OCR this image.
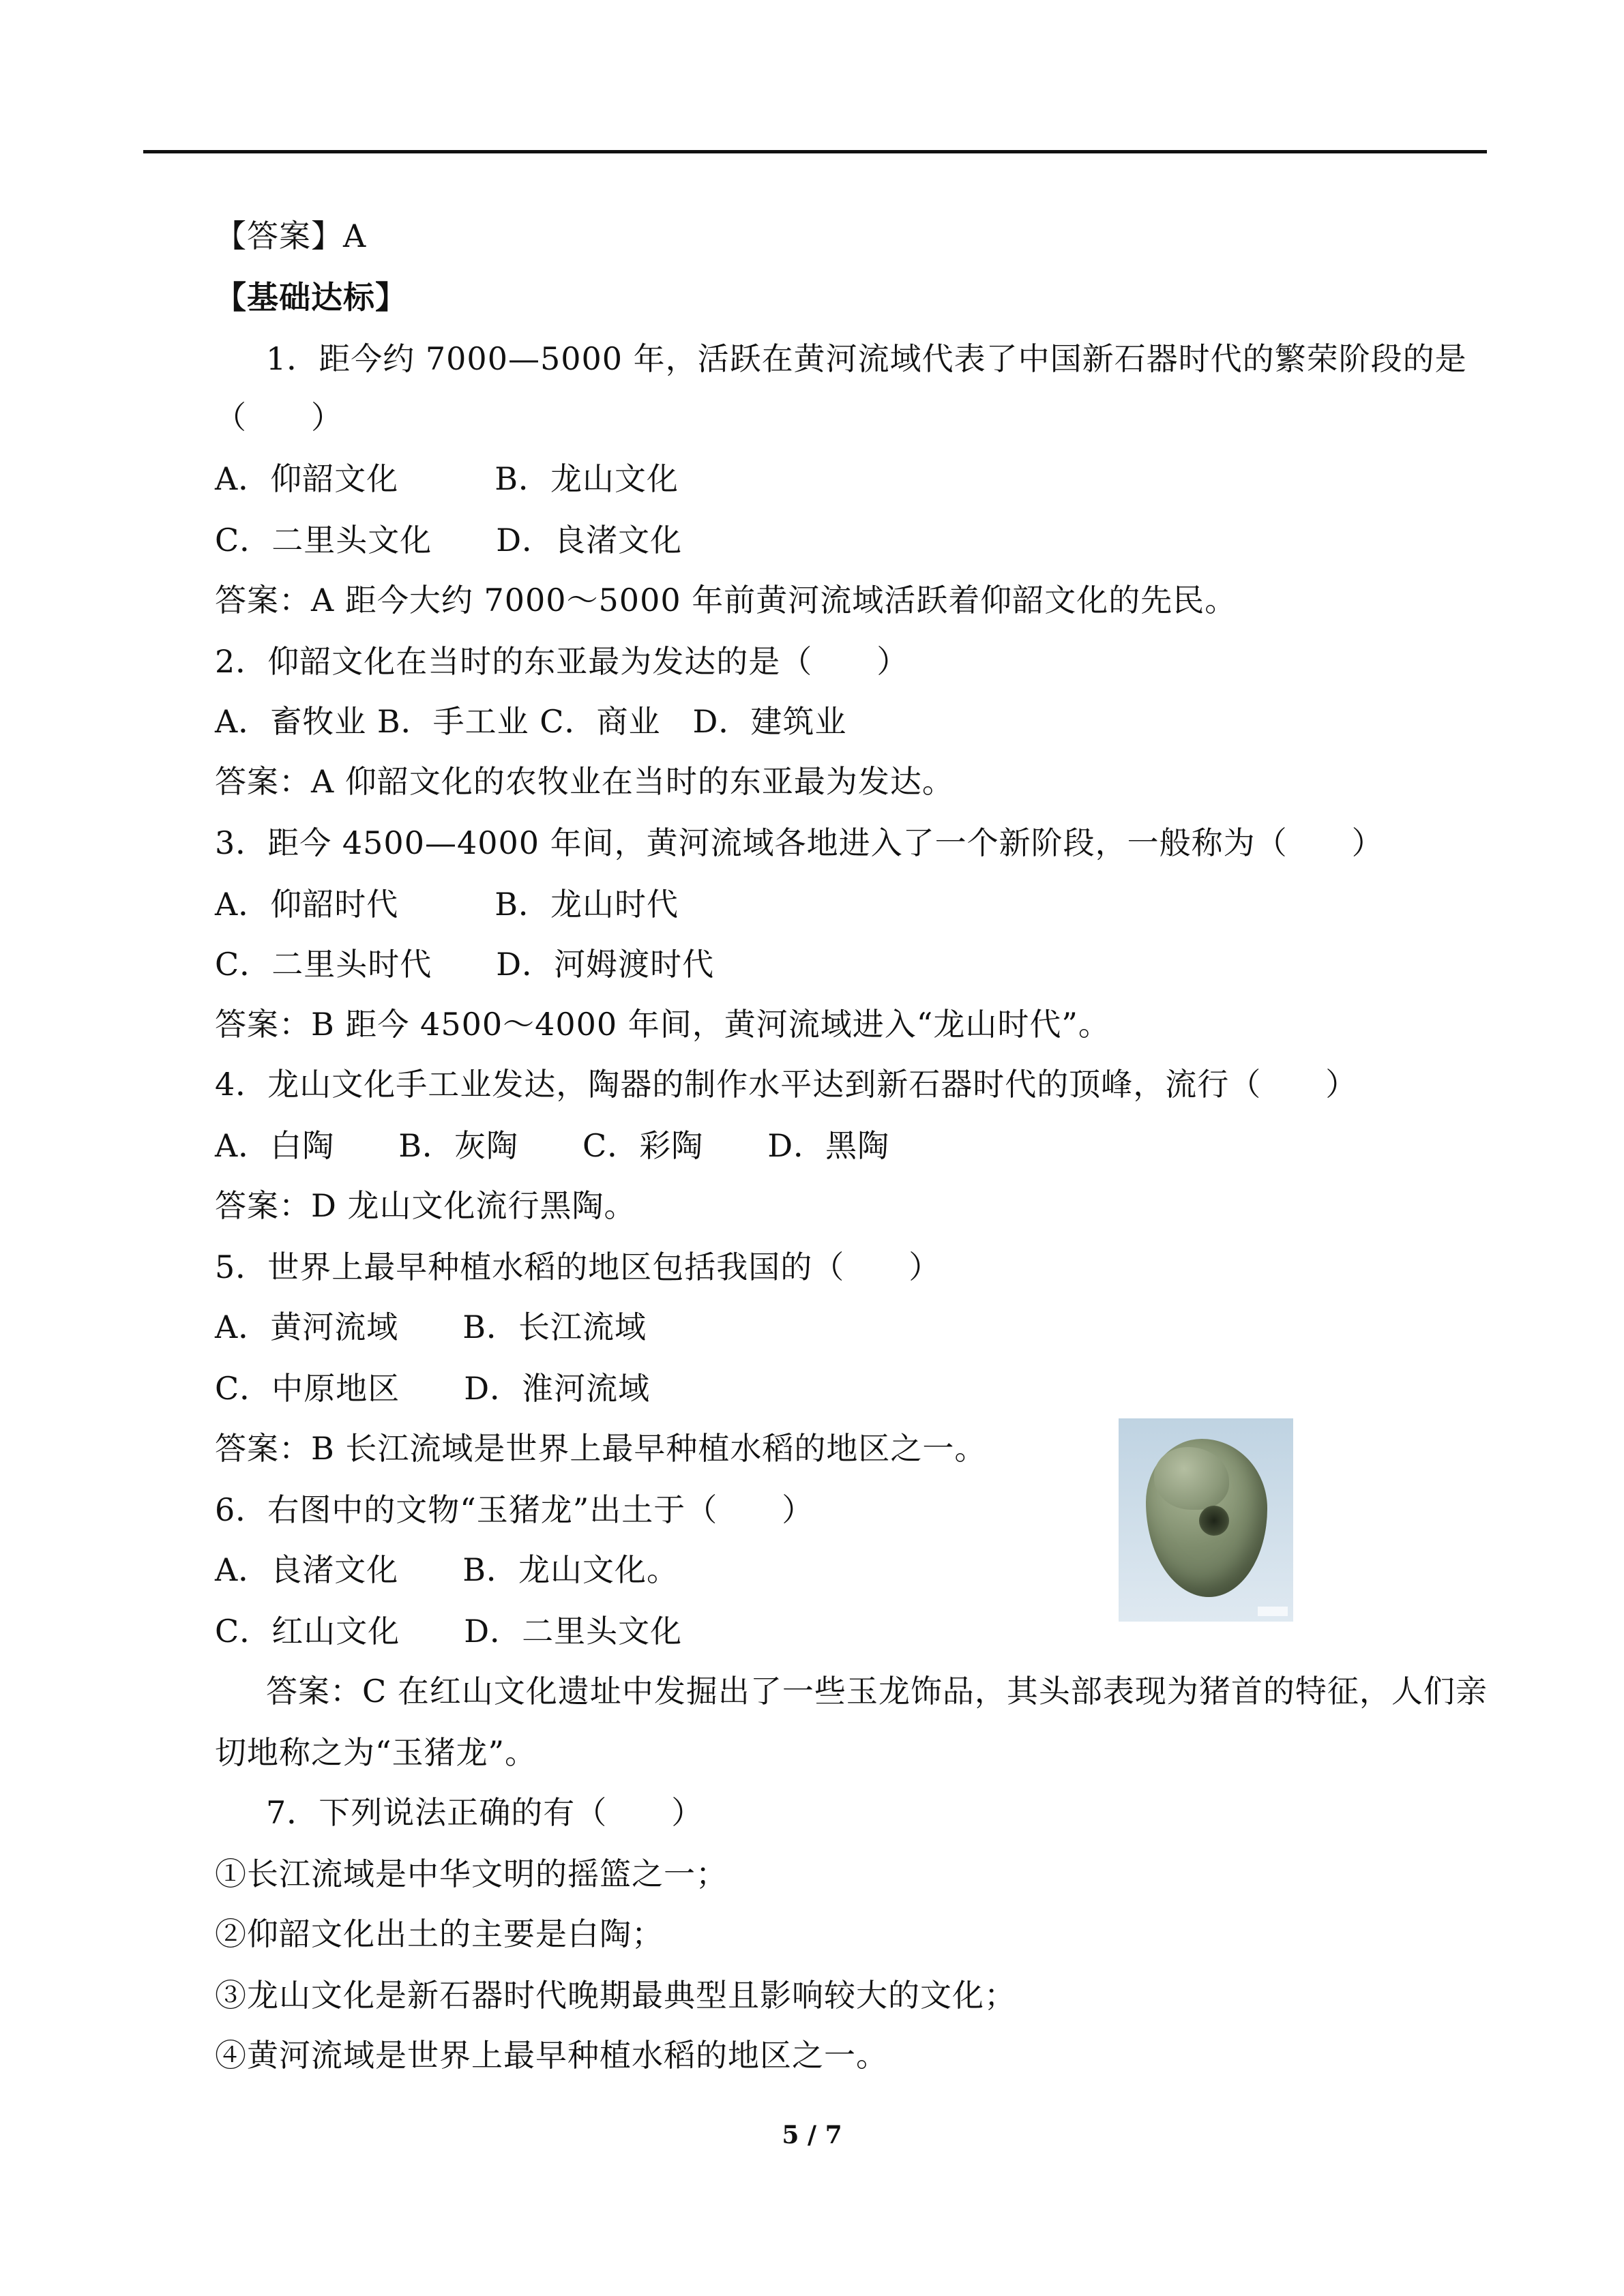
【答案】A
【基础达标】
1．距今约 7000—5000 年，活跃在黄河流域代表了中国新石器时代的繁荣阶段的是
（　　）
A．仰韶文化　　　B．龙山文化
C．二里头文化　　D．良渚文化
答案：A 距今大约 7000～5000 年前黄河流域活跃着仰韶文化的先民。
2．仰韶文化在当时的东亚最为发达的是（　　）
A．畜牧业 B．手工业 C．商业　D．建筑业
答案：A 仰韶文化的农牧业在当时的东亚最为发达。
3．距今 4500—4000 年间，黄河流域各地进入了一个新阶段，一般称为（　　）
A．仰韶时代　　　B．龙山时代
C．二里头时代　　D．河姆渡时代
答案：B 距今 4500～4000 年间，黄河流域进入“龙山时代”。
4．龙山文化手工业发达，陶器的制作水平达到新石器时代的顶峰，流行（　　）
A．白陶　　B．灰陶　　C．彩陶　　D．黑陶
答案：D 龙山文化流行黑陶。
5．世界上最早种植水稻的地区包括我国的（　　）
A．黄河流域　　B．长江流域
C．中原地区　　D．淮河流域
答案：B 长江流域是世界上最早种植水稻的地区之一。
6．右图中的文物“玉猪龙”出土于（　　）
A．良渚文化　　B．龙山文化。
C．红山文化　　D．二里头文化
答案：C 在红山文化遗址中发掘出了一些玉龙饰品，其头部表现为猪首的特征，人们亲
切地称之为“玉猪龙”。
7．下列说法正确的有（　　）
①长江流域是中华文明的摇篮之一；
②仰韶文化出土的主要是白陶；
③龙山文化是新石器时代晚期最典型且影响较大的文化；
④黄河流域是世界上最早种植水稻的地区之一。
5 / 7
